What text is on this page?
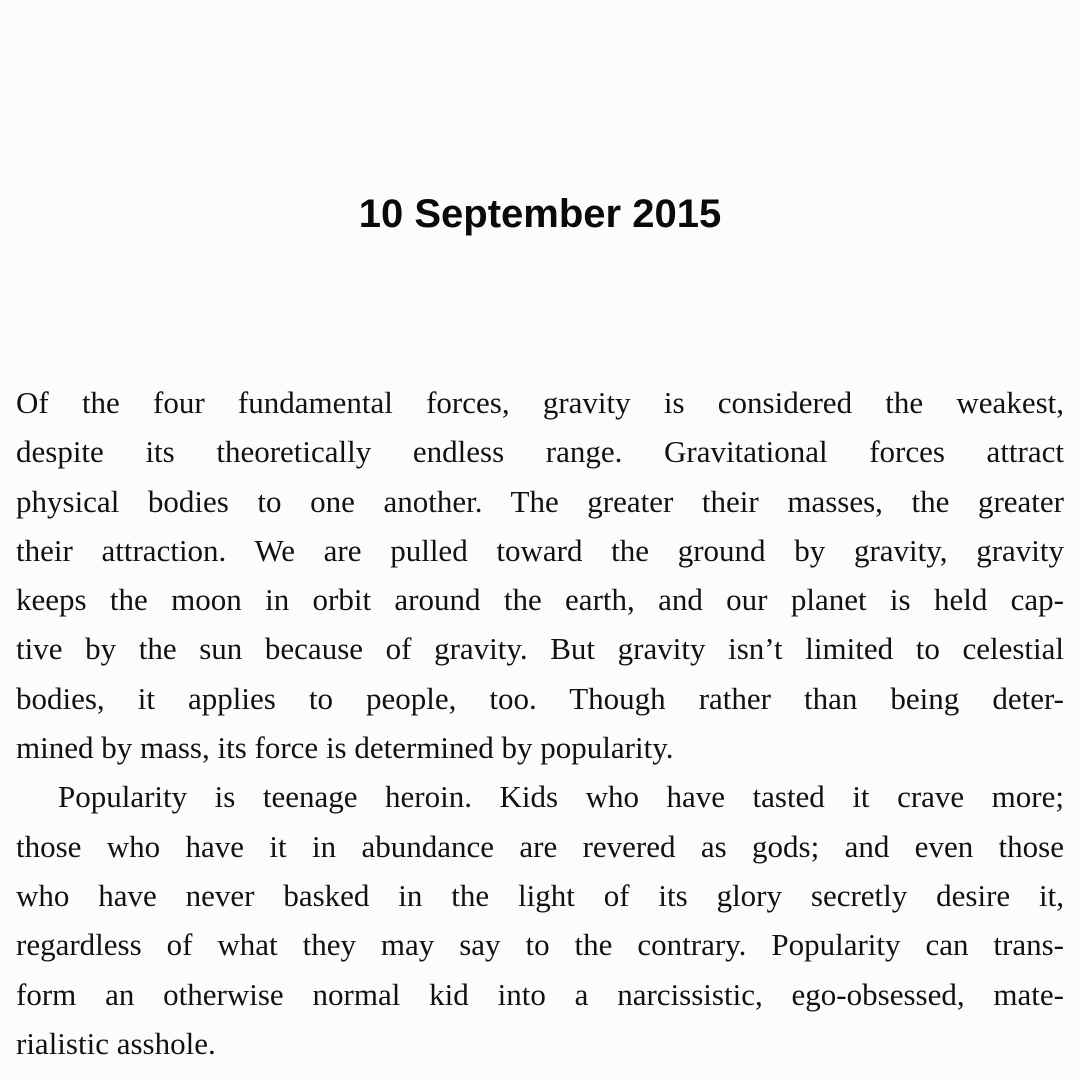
10 September 2015

Of the four fundamental forces, gravity is considered the weakest,
despite its theoretically endless range. Gravitational forces attract
physical bodies to one another. The greater their masses, the greater
their attraction. We are pulled toward the ground by gravity, gravity
keeps the moon in orbit around the earth, and our planet is held cap-
tive by the sun because of gravity. But gravity isn’t limited to celestial
bodies, it applies to people, too. Though rather than being deter-
mined by mass, its force is determined by popularity.

Popularity is teenage heroin. Kids who have tasted it crave more;
those who have it in abundance are revered as gods; and even those
who have never basked in the light of its glory secretly desire it,
regardless of what they may say to the contrary. Popularity can trans-
form an otherwise normal kid into a narcissistic, ego-obsessed, mate-
rialistic asshole.
